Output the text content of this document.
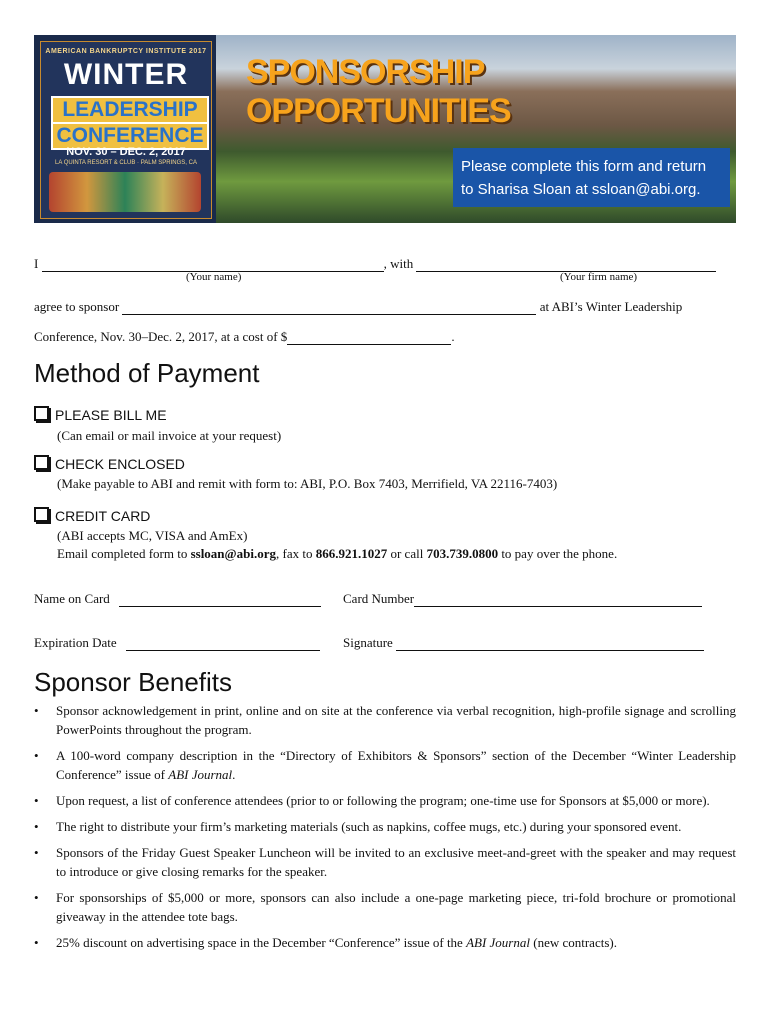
AMERICAN BANKRUPTCY INSTITUTE 2017
WINTER
LEADERSHIP
CONFERENCE
NOV. 30 – DEC. 2, 2017
LA QUINTA RESORT & CLUB · PALM SPRINGS, CA
SPONSORSHIP OPPORTUNITIES
Please complete this form and return
to Sharisa Sloan at ssloan@abi.org.
I	, with
(Your name)	(Your firm name)
agree to sponsor	at ABI’s Winter Leadership
Conference, Nov. 30–Dec. 2, 2017, at a cost of $	.
Method of Payment
PLEASE BILL ME
(Can email or mail invoice at your request)
CHECK ENCLOSED
(Make payable to ABI and remit with form to: ABI, P.O. Box 7403, Merrifield, VA 22116-7403)
CREDIT CARD
(ABI accepts MC, VISA and AmEx)
Email completed form to ssloan@abi.org, fax to 866.921.1027 or call 703.739.0800 to pay over the phone.
Name on Card	Card Number
Expiration Date	Signature
Sponsor Benefits
• Sponsor acknowledgement in print, online and on site at the conference via verbal recognition, high-profile signage and scrolling PowerPoints throughout the program.
• A 100-word company description in the “Directory of Exhibitors & Sponsors” section of the December “Winter Leadership Conference” issue of ABI Journal.
• Upon request, a list of conference attendees (prior to or following the program; one-time use for Sponsors at $5,000 or more).
• The right to distribute your firm’s marketing materials (such as napkins, coffee mugs, etc.) during your sponsored event.
• Sponsors of the Friday Guest Speaker Luncheon will be invited to an exclusive meet-and-greet with the speaker and may request to introduce or give closing remarks for the speaker.
• For sponsorships of $5,000 or more, sponsors can also include a one-page marketing piece, tri-fold brochure or promotional giveaway in the attendee tote bags.
• 25% discount on advertising space in the December “Conference” issue of the ABI Journal (new contracts).
